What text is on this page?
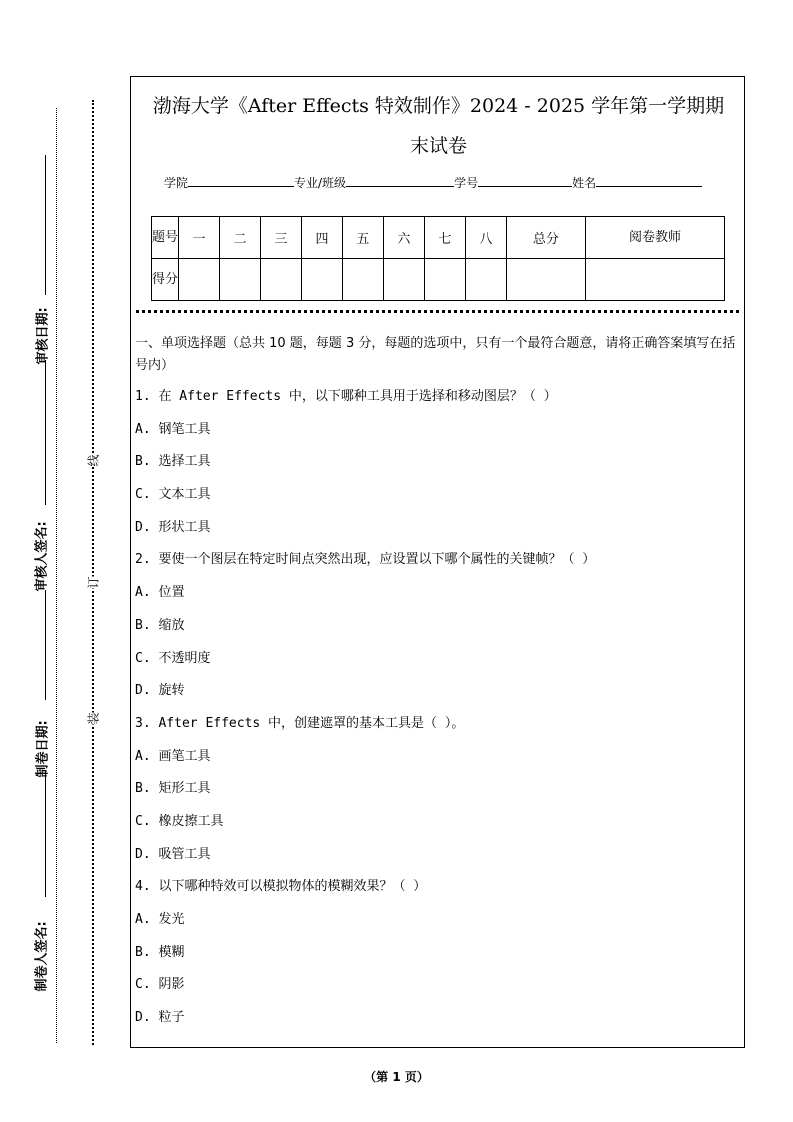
审核日期:
审核人签名:
制卷日期:
制卷人签名:
线
订
装
渤海大学《After Effects 特效制作》2024 - 2025 学年第一学期期
末试卷
学院	专业/班级	学号	姓名
题号	一	二	三	四	五	六	七	八	总分	阅卷教师
得分										
一、单项选择题（总共 10 题，每题 3 分，每题的选项中，只有一个最符合题意，请将正确答案填写在括号内）
1. 在 After Effects 中，以下哪种工具用于选择和移动图层？（ ）
A. 钢笔工具
B. 选择工具
C. 文本工具
D. 形状工具
2. 要使一个图层在特定时间点突然出现，应设置以下哪个属性的关键帧？（ ）
A. 位置
B. 缩放
C. 不透明度
D. 旋转
3. After Effects 中，创建遮罩的基本工具是（ ）。
A. 画笔工具
B. 矩形工具
C. 橡皮擦工具
D. 吸管工具
4. 以下哪种特效可以模拟物体的模糊效果？（ ）
A. 发光
B. 模糊
C. 阴影
D. 粒子
（第 1 页）
